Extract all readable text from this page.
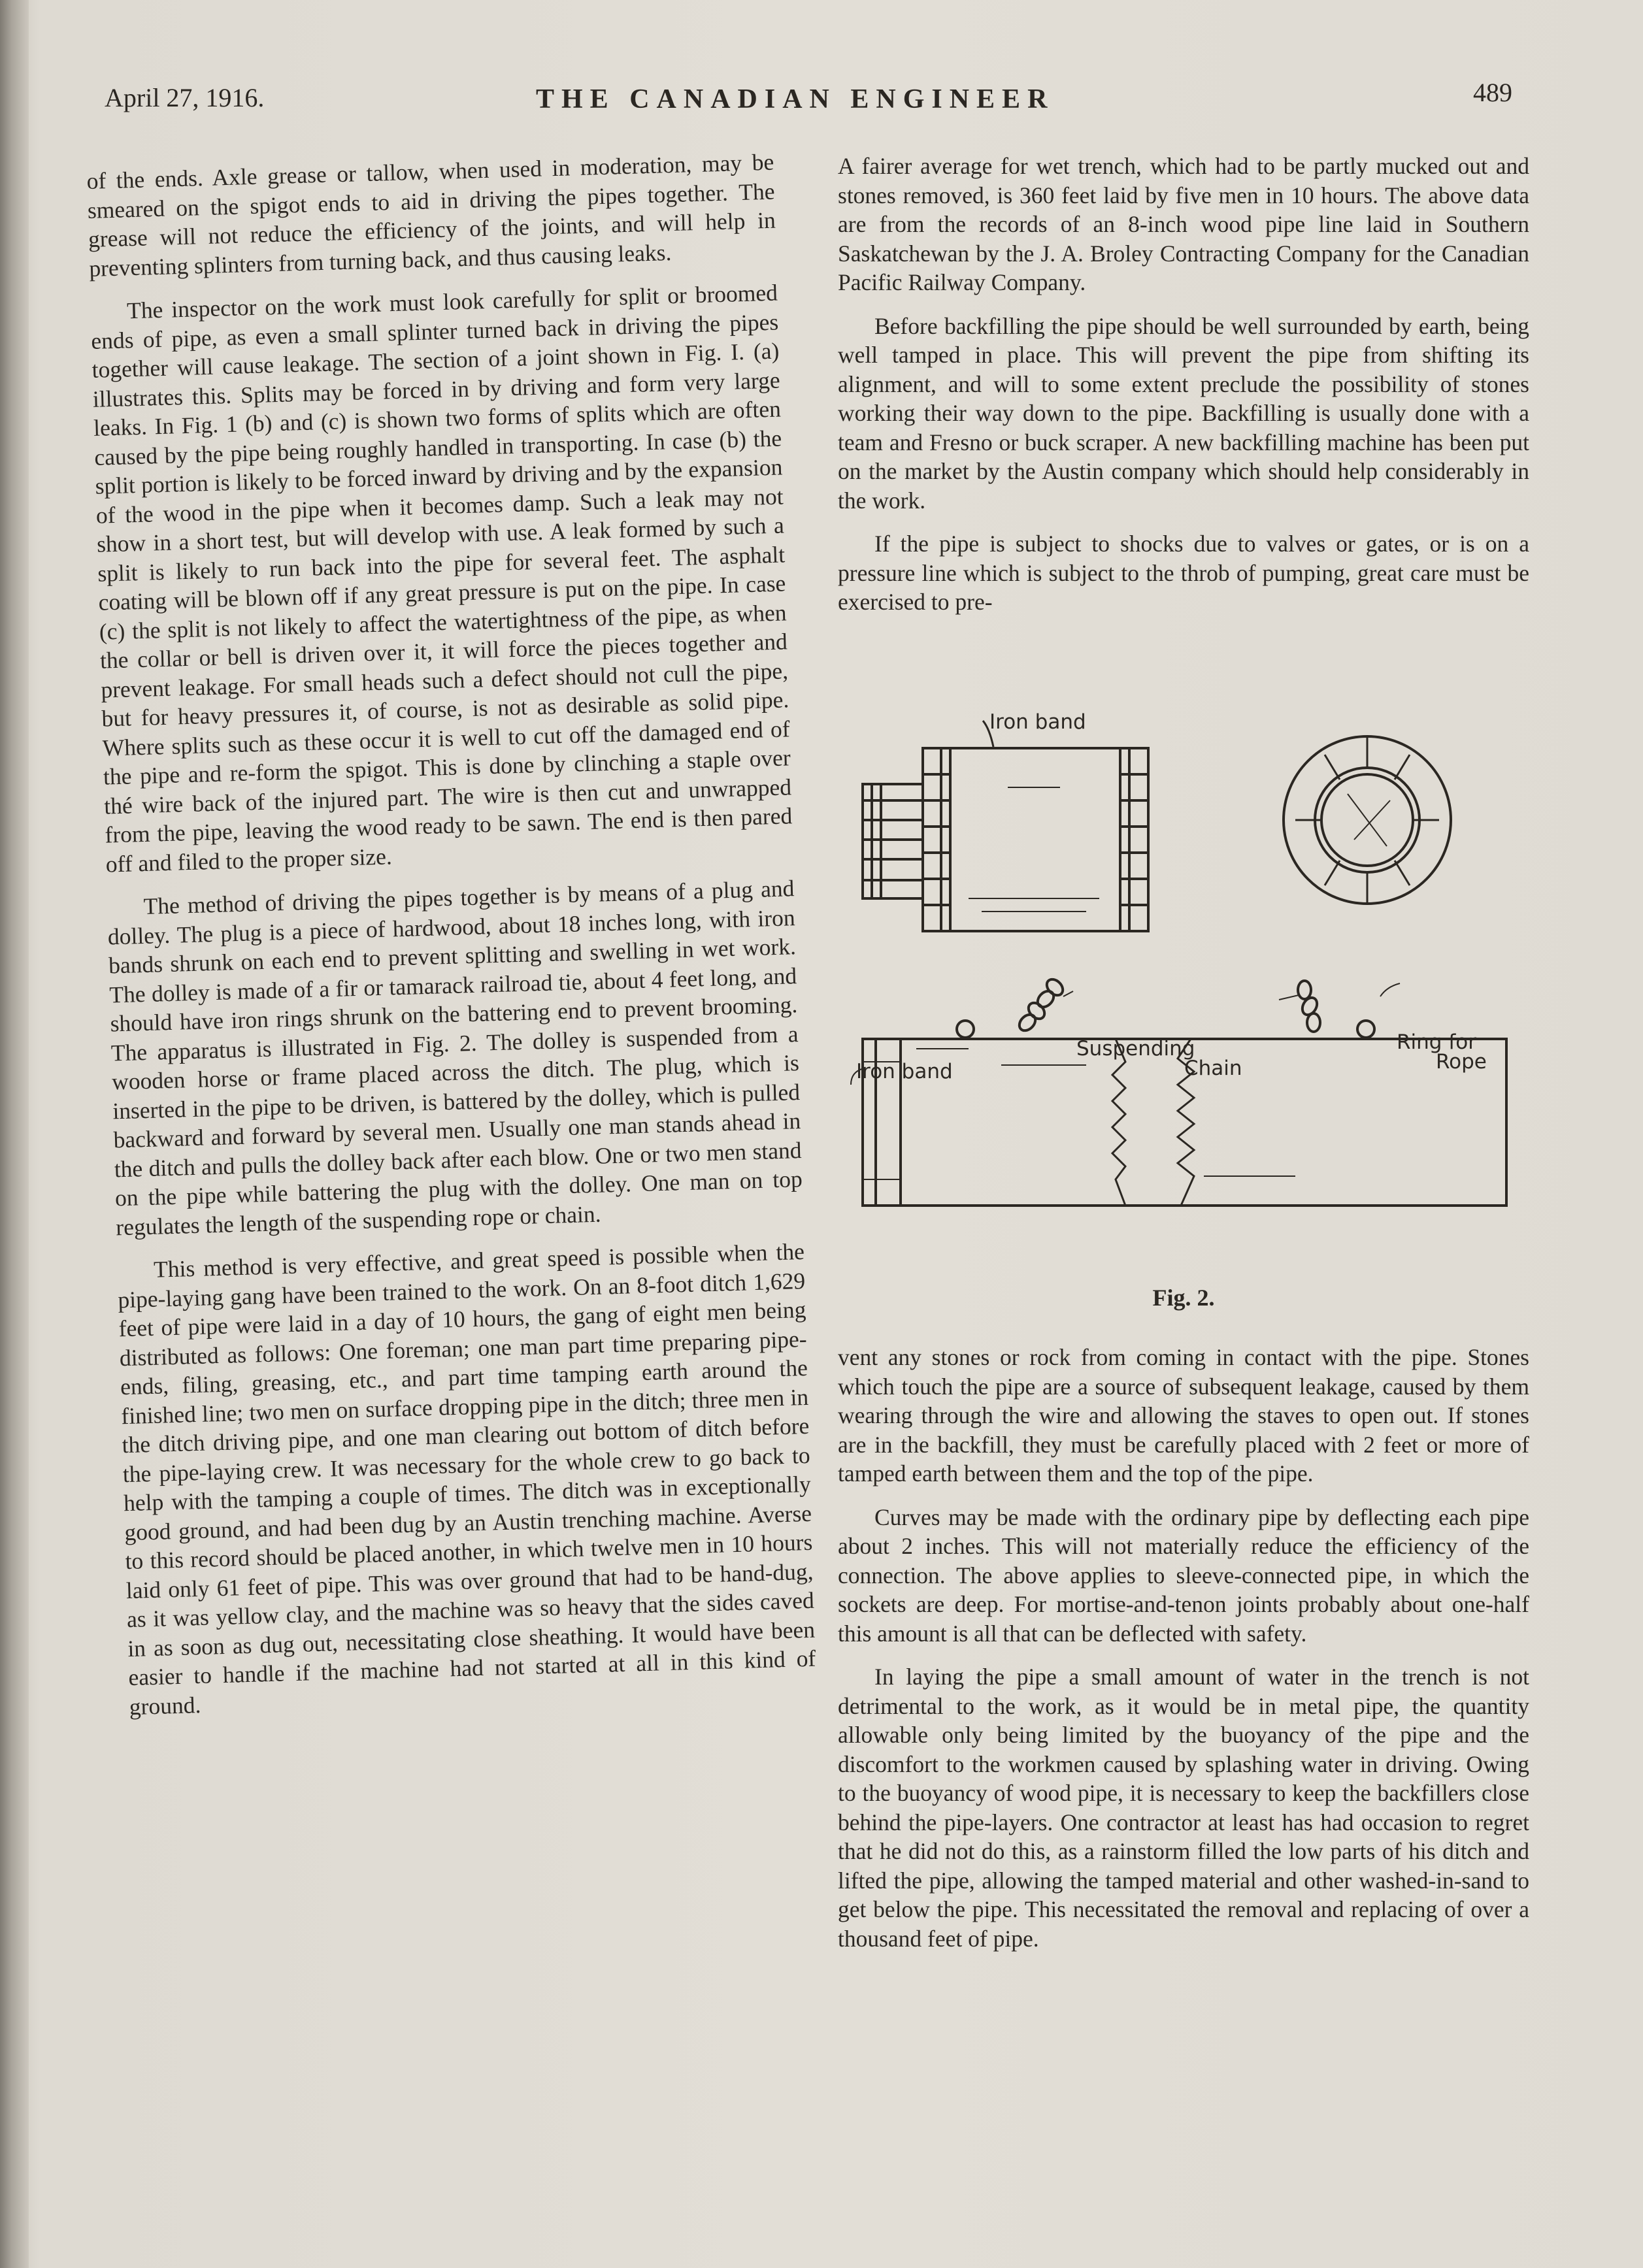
April 27, 1916.	THE CANADIAN ENGINEER	489

of the ends. Axle grease or tallow, when used in moderation, may be smeared on the spigot ends to aid in driving the pipes together. The grease will not reduce the efficiency of the joints, and will help in preventing splinters from turning back, and thus causing leaks.

The inspector on the work must look carefully for split or broomed ends of pipe, as even a small splinter turned back in driving the pipes together will cause leakage. The section of a joint shown in Fig. I. (a) illustrates this. Splits may be forced in by driving and form very large leaks. In Fig. 1 (b) and (c) is shown two forms of splits which are often caused by the pipe being roughly handled in transporting. In case (b) the split portion is likely to be forced inward by driving and by the expansion of the wood in the pipe when it becomes damp. Such a leak may not show in a short test, but will develop with use. A leak formed by such a split is likely to run back into the pipe for several feet. The asphalt coating will be blown off if any great pressure is put on the pipe. In case (c) the split is not likely to affect the watertightness of the pipe, as when the collar or bell is driven over it, it will force the pieces together and prevent leakage. For small heads such a defect should not cull the pipe, but for heavy pressures it, of course, is not as desirable as solid pipe. Where splits such as these occur it is well to cut off the damaged end of the pipe and re-form the spigot. This is done by clinching a staple over thé wire back of the injured part. The wire is then cut and unwrapped from the pipe, leaving the wood ready to be sawn. The end is then pared off and filed to the proper size.

The method of driving the pipes together is by means of a plug and dolley. The plug is a piece of hardwood, about 18 inches long, with iron bands shrunk on each end to prevent splitting and swelling in wet work. The dolley is made of a fir or tamarack railroad tie, about 4 feet long, and should have iron rings shrunk on the battering end to prevent brooming. The apparatus is illustrated in Fig. 2. The dolley is suspended from a wooden horse or frame placed across the ditch. The plug, which is inserted in the pipe to be driven, is battered by the dolley, which is pulled backward and forward by several men. Usually one man stands ahead in the ditch and pulls the dolley back after each blow. One or two men stand on the pipe while battering the plug with the dolley. One man on top regulates the length of the suspending rope or chain.

This method is very effective, and great speed is possible when the pipe-laying gang have been trained to the work. On an 8-foot ditch 1,629 feet of pipe were laid in a day of 10 hours, the gang of eight men being distributed as follows: One foreman; one man part time preparing pipe-ends, filing, greasing, etc., and part time tamping earth around the finished line; two men on surface dropping pipe in the ditch; three men in the ditch driving pipe, and one man clearing out bottom of ditch before the pipe-laying crew. It was necessary for the whole crew to go back to help with the tamping a couple of times. The ditch was in exceptionally good ground, and had been dug by an Austin trenching machine. Averse to this record should be placed another, in which twelve men in 10 hours laid only 61 feet of pipe. This was over ground that had to be hand-dug, as it was yellow clay, and the machine was so heavy that the sides caved in as soon as dug out, necessitating close sheathing. It would have been easier to handle if the machine had not started at all in this kind of ground.

A fairer average for wet trench, which had to be partly mucked out and stones removed, is 360 feet laid by five men in 10 hours. The above data are from the records of an 8-inch wood pipe line laid in Southern Saskatchewan by the J. A. Broley Contracting Company for the Canadian Pacific Railway Company.

Before backfilling the pipe should be well surrounded by earth, being well tamped in place. This will prevent the pipe from shifting its alignment, and will to some extent preclude the possibility of stones working their way down to the pipe. Backfilling is usually done with a team and Fresno or buck scraper. A new backfilling machine has been put on the market by the Austin company which should help considerably in the work.

If the pipe is subject to shocks due to valves or gates, or is on a pressure line which is subject to the throb of pumping, great care must be exercised to pre-

Iron band
Iron band
Suspending
Chain
Ring for
Rope
Fig. 2.

vent any stones or rock from coming in contact with the pipe. Stones which touch the pipe are a source of subsequent leakage, caused by them wearing through the wire and allowing the staves to open out. If stones are in the backfill, they must be carefully placed with 2 feet or more of tamped earth between them and the top of the pipe.

Curves may be made with the ordinary pipe by deflecting each pipe about 2 inches. This will not materially reduce the efficiency of the connection. The above applies to sleeve-connected pipe, in which the sockets are deep. For mortise-and-tenon joints probably about one-half this amount is all that can be deflected with safety.

In laying the pipe a small amount of water in the trench is not detrimental to the work, as it would be in metal pipe, the quantity allowable only being limited by the buoyancy of the pipe and the discomfort to the workmen caused by splashing water in driving. Owing to the buoyancy of wood pipe, it is necessary to keep the backfillers close behind the pipe-layers. One contractor at least has had occasion to regret that he did not do this, as a rainstorm filled the low parts of his ditch and lifted the pipe, allowing the tamped material and other washed-in-sand to get below the pipe. This necessitated the removal and replacing of over a thousand feet of pipe.
